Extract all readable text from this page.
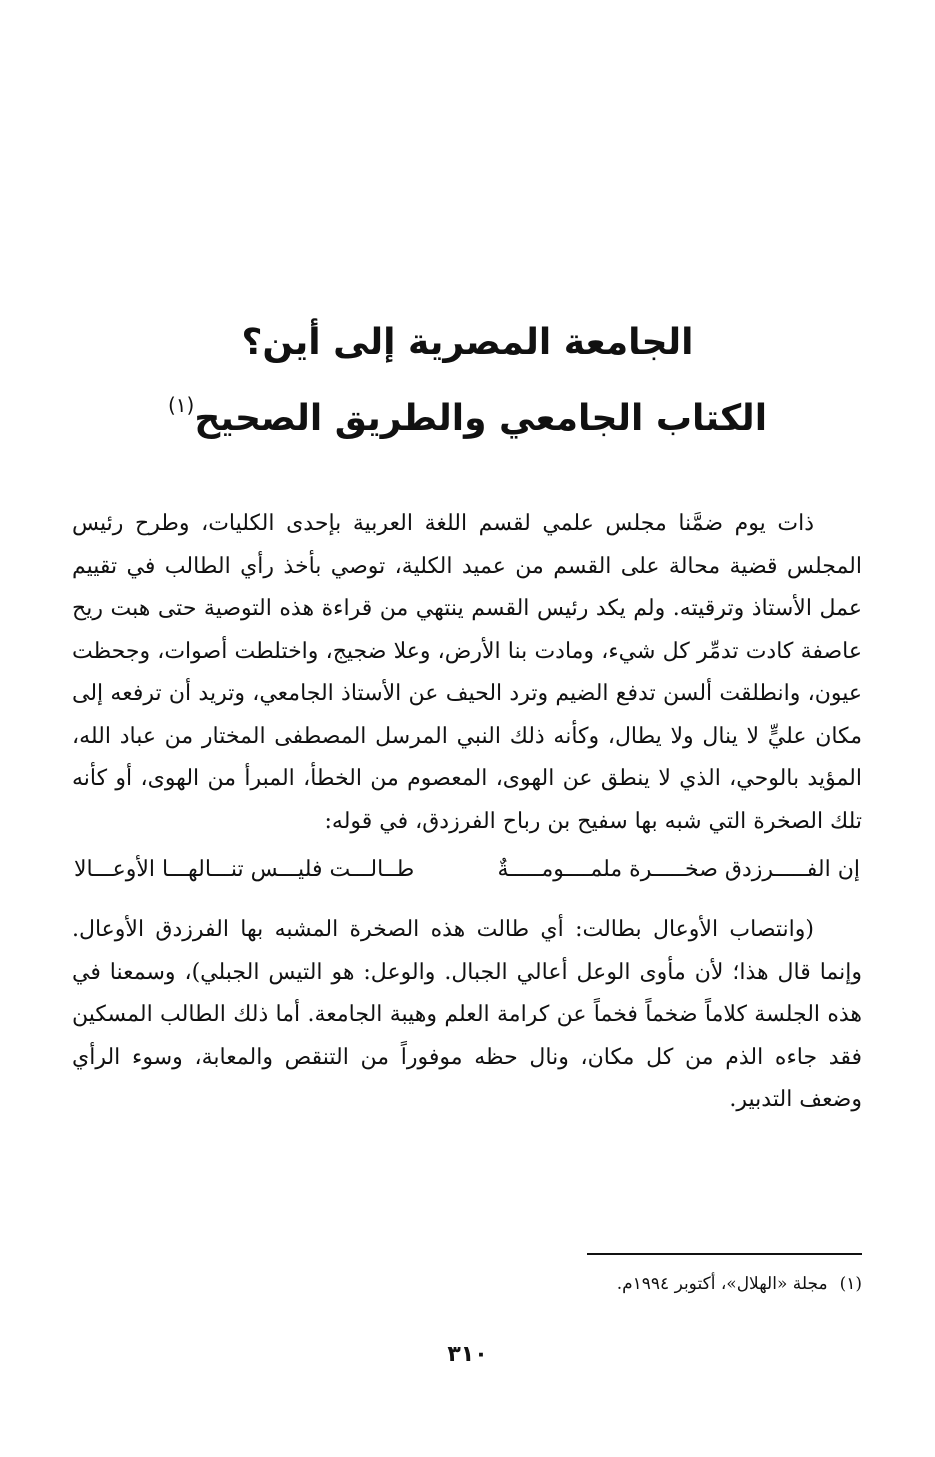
الجامعة المصرية إلى أين؟

الكتاب الجامعي والطريق الصحيح$^{(١)}$

ذات يوم ضمَّنا مجلس علمي لقسم اللغة العربية بإحدى الكليات، وطرح رئيس المجلس قضية محالة على القسم من عميد الكلية، توصي بأخذ رأي الطالب في تقييم عمل الأستاذ وترقيته. ولم يكد رئيس القسم ينتهي من قراءة هذه التوصية حتى هبت ريح عاصفة كادت تدمِّر كل شيء، ومادت بنا الأرض، وعلا ضجيج، واختلطت أصوات، وجحظت عيون، وانطلقت ألسن تدفع الضيم وترد الحيف عن الأستاذ الجامعي، وتريد أن ترفعه إلى مكان عليٍّ لا ينال ولا يطال، وكأنه ذلك النبي المرسل المصطفى المختار من عباد الله، المؤيد بالوحي، الذي لا ينطق عن الهوى، المعصوم من الخطأ، المبرأ من الهوى، أو كأنه تلك الصخرة التي شبه بها سفيح بن رباح الفرزدق، في قوله:

إن الفـــــرزدق صخـــــرة ملمــــومـــــةٌ
طــالـــت فليـــس تنـــالهـــا الأوعـــالا

(وانتصاب الأوعال بطالت: أي طالت هذه الصخرة المشبه بها الفرزدق الأوعال. وإنما قال هذا؛ لأن مأوى الوعل أعالي الجبال. والوعل: هو التيس الجبلي)، وسمعنا في هذه الجلسة كلاماً ضخماً فخماً عن كرامة العلم وهيبة الجامعة. أما ذلك الطالب المسكين فقد جاءه الذم من كل مكان، ونال حظه موفوراً من التنقص والمعابة، وسوء الرأي وضعف التدبير.

(١)مجلة «الهلال»، أكتوبر ١٩٩٤م.
٣١٠
